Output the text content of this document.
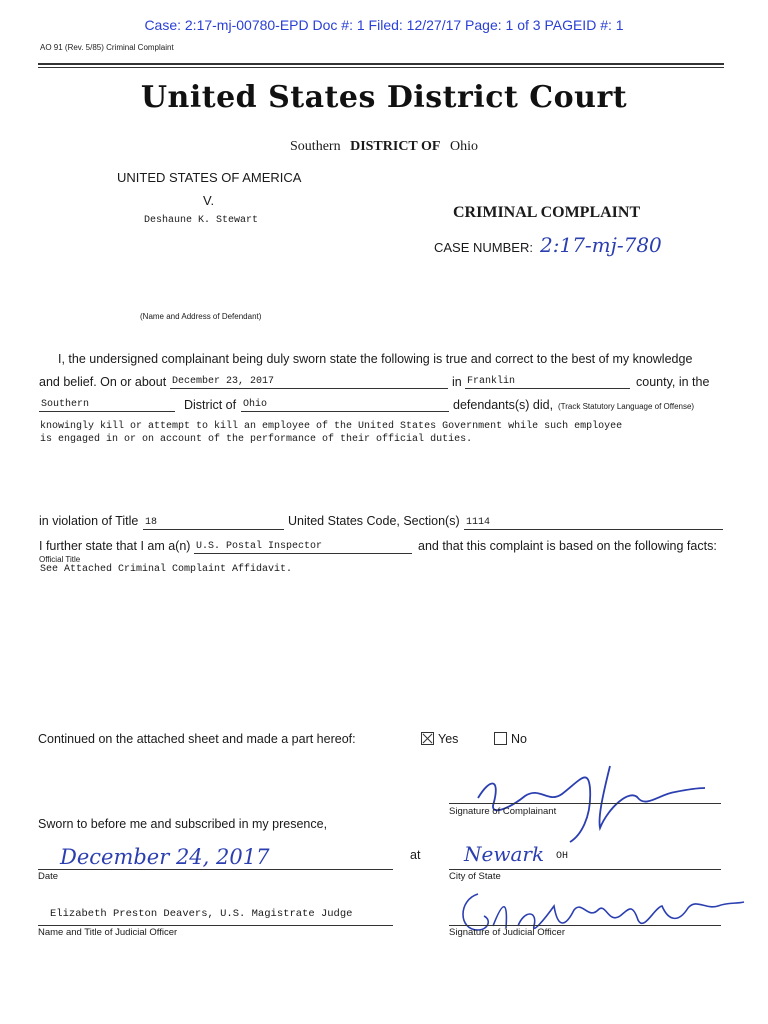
Case: 2:17-mj-00780-EPD Doc #: 1 Filed: 12/27/17 Page: 1 of 3 PAGEID #: 1
AO 91 (Rev. 5/85) Criminal Complaint
United States District Court
Southern DISTRICT OF Ohio
UNITED STATES OF AMERICA
V.
Deshaune K. Stewart	CRIMINAL COMPLAINT
CASE NUMBER: 2:17-mj-780
(Name and Address of Defendant)
I, the undersigned complainant being duly sworn state the following is true and correct to the best of my knowledge
and belief. On or about December 23, 2017	in Franklin	county, in the
Southern	District of Ohio	defendants(s) did, (Track Statutory Language of Offense)
knowingly kill or attempt to kill an employee of the United States Government while such employee
is engaged in or on account of the performance of their official duties.
in violation of Title 18	United States Code, Section(s) 1114
I further state that I am a(n) U.S. Postal Inspector	and that this complaint is based on the following facts:
Official Title
See Attached Criminal Complaint Affidavit.
Continued on the attached sheet and made a part hereof:	Yes	No
Signature of Complainant
Sworn to before me and subscribed in my presence,
December 24, 2017
Date
at Newark OH
City of State
Elizabeth Preston Deavers, U.S. Magistrate Judge
Name and Title of Judicial Officer	Signature of Judicial Officer
